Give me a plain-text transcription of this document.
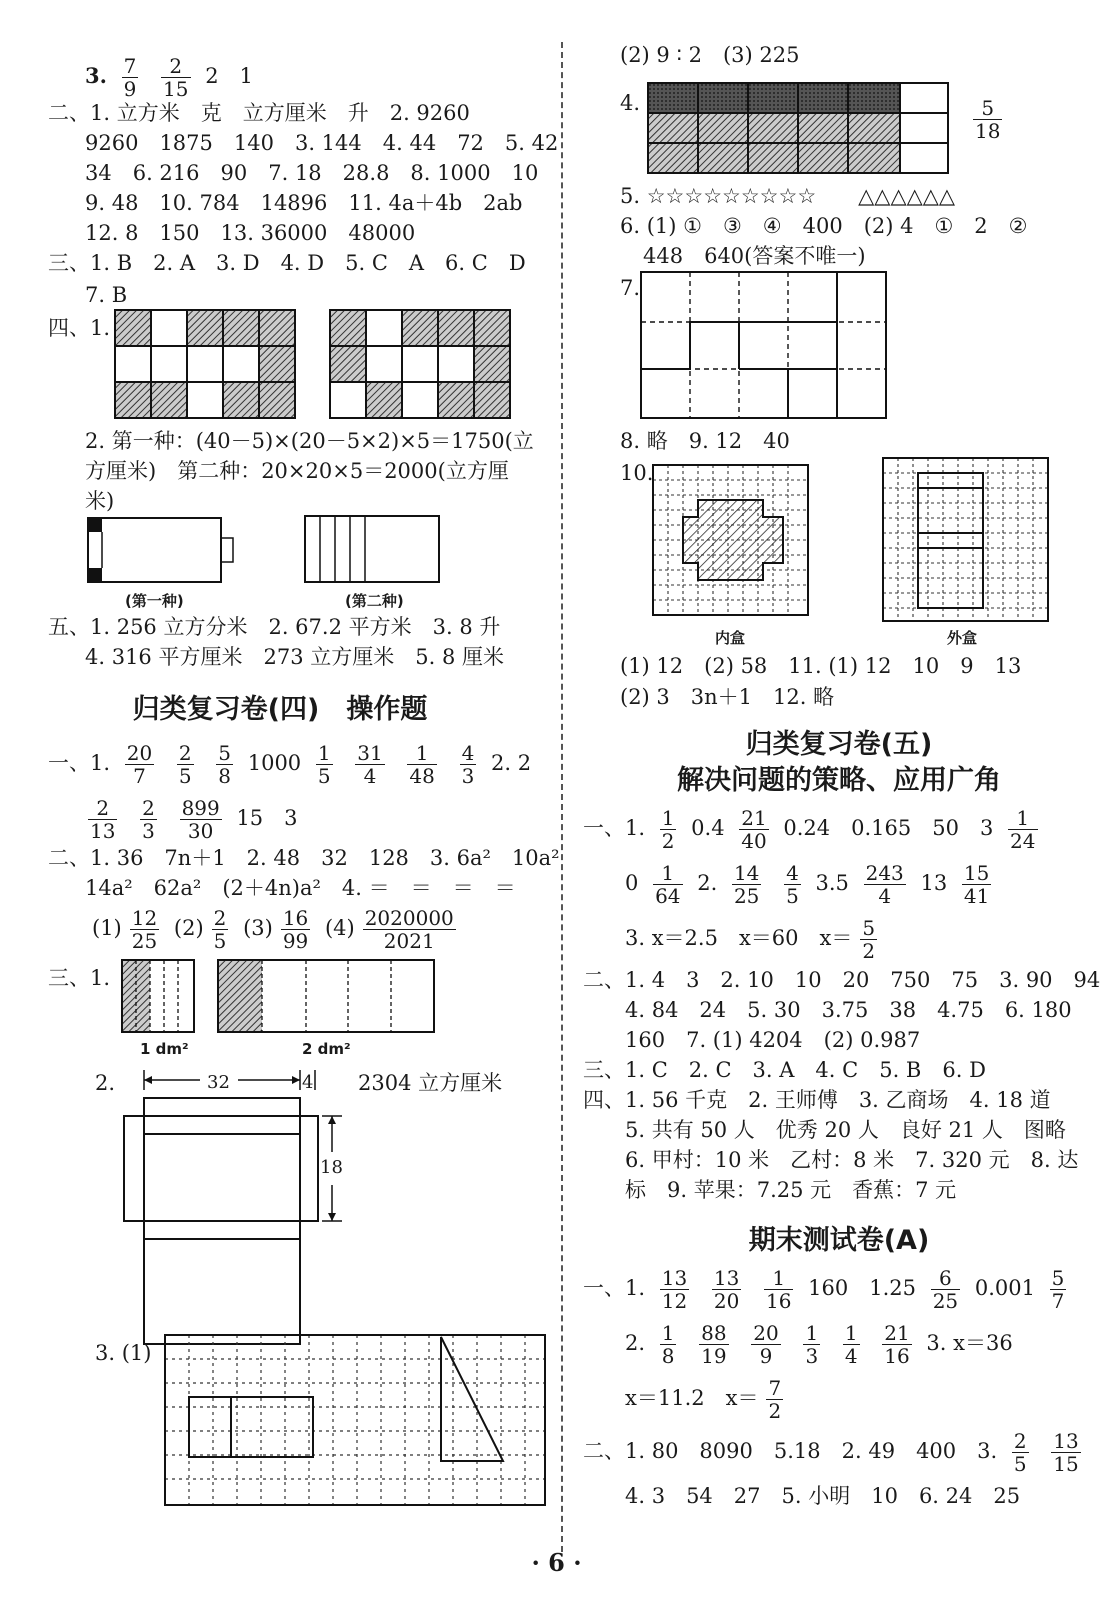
3. $\frac{7}{9}$
$\frac{2}{15} 2$　1
二、1. 立方米　克　立方厘米　升　2. 9260
9260　1875　140　3. 144　4. 44　72　5. 42
34　6. 216　90　7. 18　28.8　8. 1000　10
9. 48　10. 784　14896　11. 4a＋4b　2ab
12. 8　150　13. 36000　48000
三、1. B　2. A　3. D　4. D　5. C　A　6. C　D
7. B
四、1.
2. 第一种：(40－5)×(20－5×2)×5＝1750(立
方厘米)　第二种：20×20×5＝2000(立方厘
米)
(第一种)	(第二种)
五、1. 256 立方分米　2. 67.2 平方米　3. 8 升
4. 316 平方厘米　273 立方厘米　5. 8 厘米
归类复习卷(四)　操作题
一、1. $\frac{20}{7}$
$\frac{2}{5}$
$\frac{5}{8} 1000 \frac{1}{5}$
$\frac{31}{4}$
$\frac{1}{48}$
$\frac{4}{3} 2$. 2
$\frac{2}{13}$
$\frac{2}{3}$
$\frac{899}{30} 15$　3
二、1. 36　7n＋1　2. 48　32　128　3. 6a²　10a²
14a²　62a²　(2＋4n)a²　4. ＝　＝　＝　＝
$(1) \frac{12}{25} (2) \frac{2}{5} (3) \frac{16}{99} (4) \frac{2020000}{2021}$
三、1.
1 dm²	2 dm²
2.	32	4
18
2304 立方厘米
3. (1)
(2) 9 ∶ 2　(3) 225
4.	$\frac{5}{18}$
5. ☆☆☆☆☆☆☆☆☆　　△△△△△△
6. (1) ①　③　④　400　(2) 4　①　2　②
448　640(答案不唯一)
7.
8. 略　9. 12　40
10.
内盒	外盒
(1) 12　(2) 58　11. (1) 12　10　9　13
(2) 3　3n＋1　12. 略
归类复习卷(五)
解决问题的策略、应用广角
一、1. $\frac{1}{2} 0.4 \frac{21}{40} 0.24$　0.165　50　$3 \frac{1}{24}$
$0 \frac{1}{64} 2$. $\frac{14}{25}$
$\frac{4}{5} 3.5 \frac{243}{4} 13 \frac{15}{41}$
3. x＝2.5　x＝60　$x= \frac{5}{2}$
二、1. 4　3　2. 10　10　20　750　75　3. 90　94
4. 84　24　5. 30　3.75　38　4.75　6. 180
160　7. (1) 4204　(2) 0.987
三、1. C　2. C　3. A　4. C　5. B　6. D
四、1. 56 千克　2. 王师傅　3. 乙商场　4. 18 道
5. 共有 50 人　优秀 20 人　良好 21 人　图略
6. 甲村：10 米　乙村：8 米　7. 320 元　8. 达
标　9. 苹果：7.25 元　香蕉：7 元
期末测试卷(A)
一、1. $\frac{13}{12}$
$\frac{13}{20}$
$\frac{1}{16} 160$　$1.25 \frac{6}{25} 0.001 \frac{5}{7}$
2. $\frac{1}{8}$
$\frac{88}{19}$
$\frac{20}{9}$
$\frac{1}{3}$
$\frac{1}{4}$
$\frac{21}{16} 3$. x＝36
x＝11.2　$x= \frac{7}{2}$
二、1. 80　8090　5.18　2. 49　400　3. $\frac{2}{5}$
$\frac{13}{15}$
4. 3　54　27　5. 小明　10　6. 24　25
· 6 ·
